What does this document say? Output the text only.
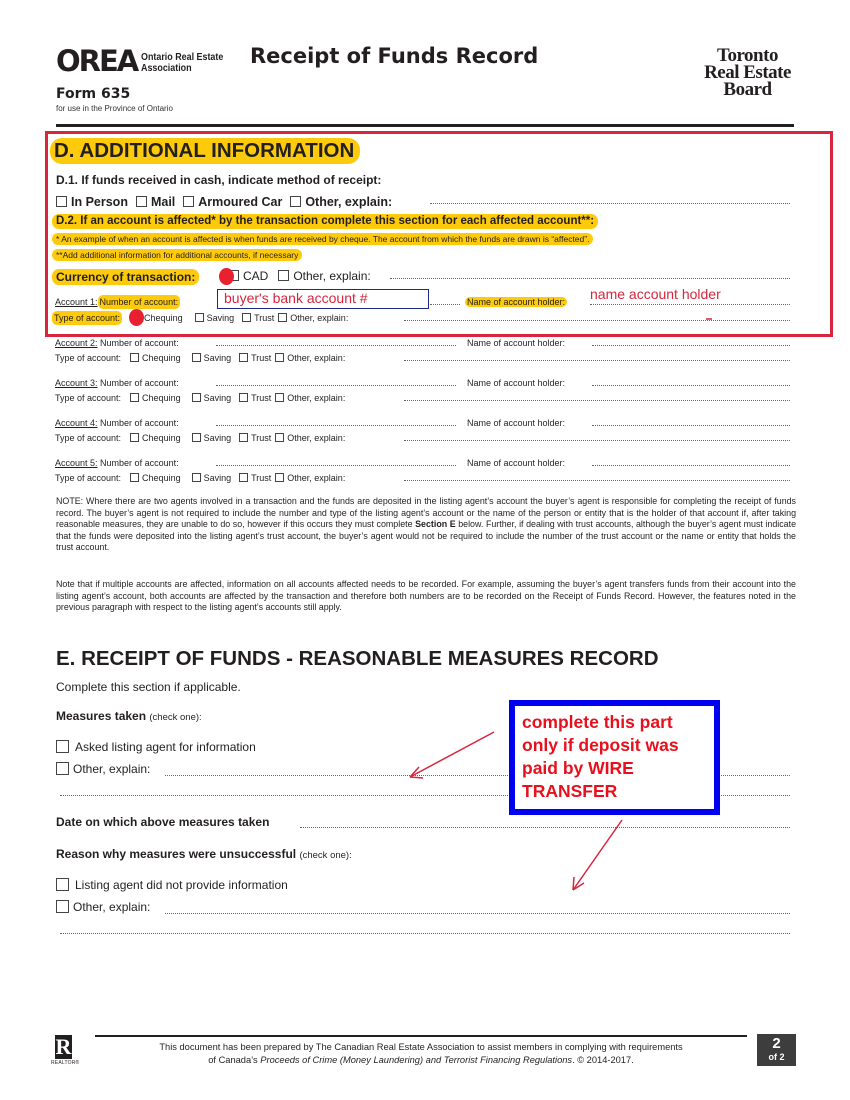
OREA Ontario Real Estate
Association	Receipt of Funds Record
Form 635
for use in the Province of Ontario
Toronto
Real Estate
Board
D. ADDITIONAL INFORMATION
D.1. If funds received in cash, indicate method of receipt:
In Person	Mail	Armoured Car	Other, explain:
D.2. If an account is affected* by the transaction complete this section for each affected account**:
* An example of when an account is affected is when funds are received by cheque. The account from which the funds are drawn is “affected”.
**Add additional information for additional accounts, if necessary
Currency of transaction:	CAD	Other, explain:
Account 1: Number of account:	buyer's bank account #	Name of account holder: name account holder
Type of account:	Chequing	Saving	Trust	Other, explain:
Account 2:
Number of account:	Name of account holder:
Type of account:	Chequing	Saving	Trust	Other, explain:
Account 3:
Number of account:	Name of account holder:
Type of account:	Chequing	Saving	Trust	Other, explain:
Account 4:
Number of account:	Name of account holder:
Type of account:	Chequing	Saving	Trust	Other, explain:
Account 5:
Number of account:	Name of account holder:
Type of account:	Chequing	Saving	Trust	Other, explain:
NOTE: Where there are two agents involved in a transaction and the funds are deposited in the listing agent’s account the buyer’s agent is responsible for completing the receipt of funds record. The buyer’s agent is not required to include the number and type of the listing agent’s account or the name of the person or entity that is the holder of that account if, after taking reasonable measures, they are unable to do so, however if this occurs they must complete Section E below. Further, if dealing with trust accounts, although the buyer’s agent must indicate that the funds were deposited into the listing agent’s trust account, the buyer’s agent would not be required to include the number of the trust account or the name or entity that holds the trust account.
Note that if multiple accounts are affected, information on all accounts affected needs to be recorded. For example, assuming the buyer’s agent transfers funds from their account into the listing agent’s account, both accounts are affected by the transaction and therefore both numbers are to be recorded on the Receipt of Funds Record. However, the features noted in the previous paragraph with respect to the listing agent’s accounts still apply.
E. RECEIPT OF FUNDS - REASONABLE MEASURES RECORD
Complete this section if applicable.
Measures taken (check one):
Asked listing agent for information
Other, explain:
Date on which above measures taken
Reason why measures were unsuccessful (check one):
Listing agent did not provide information
Other, explain:
complete this part
only if deposit was
paid by WIRE
TRANSFER
R
REALTOR®
This document has been prepared by The Canadian Real Estate Association to assist members in complying with requirements
of Canada’s Proceeds of Crime (Money Laundering) and Terrorist Financing Regulations. © 2014-2017.
2
of 2
